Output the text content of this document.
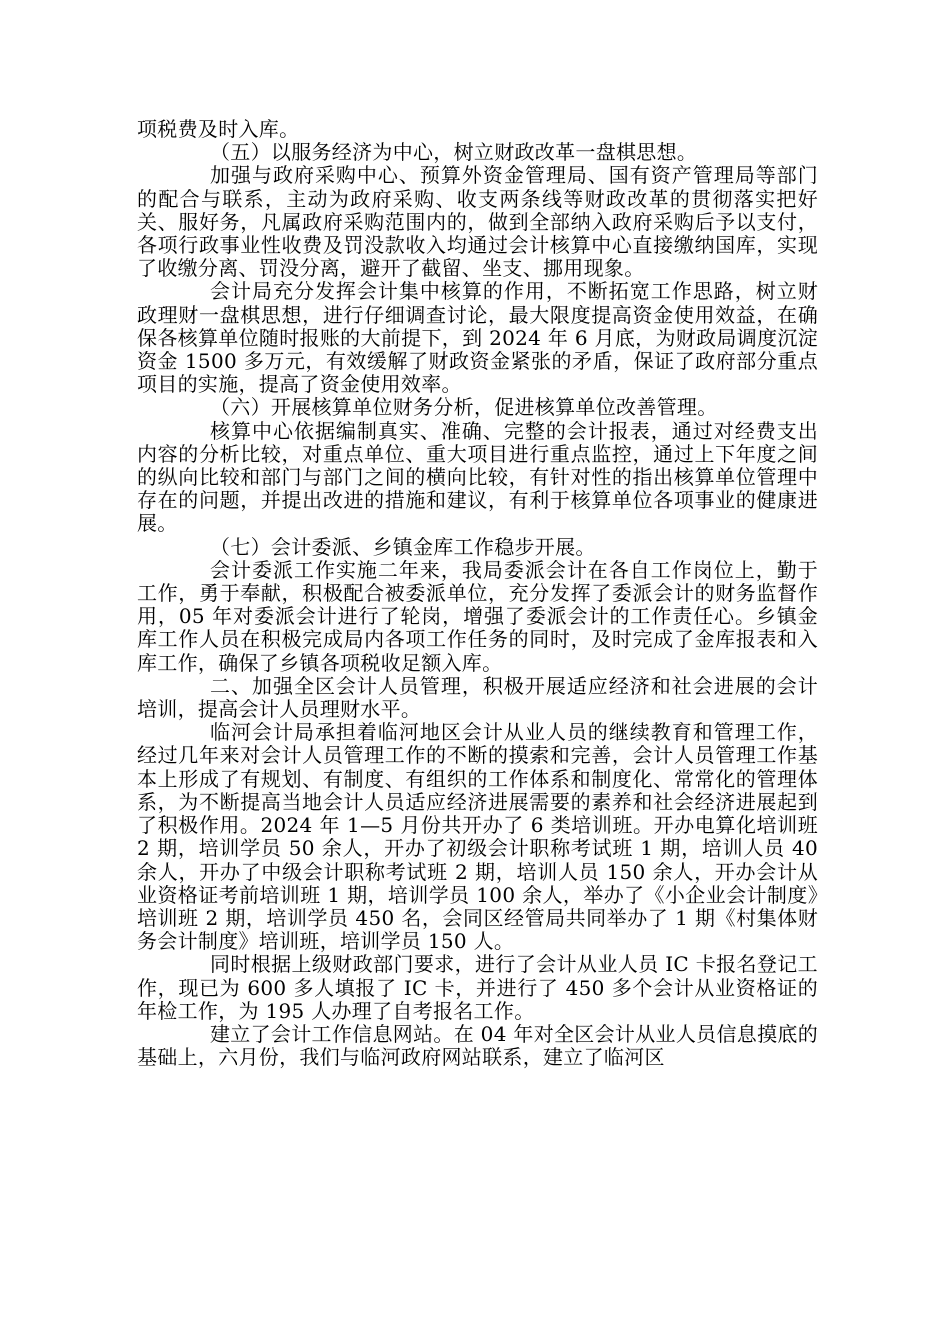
项税费及时入库。

（五）以服务经济为中心，树立财政改革一盘棋思想。

加强与政府采购中心、预算外资金管理局、国有资产管理局等部门的配合与联系，主动为政府采购、收支两条线等财政改革的贯彻落实把好关、服好务，凡属政府采购范围内的，做到全部纳入政府采购后予以支付，各项行政事业性收费及罚没款收入均通过会计核算中心直接缴纳国库，实现了收缴分离、罚没分离，避开了截留、坐支、挪用现象。

会计局充分发挥会计集中核算的作用，不断拓宽工作思路，树立财政理财一盘棋思想，进行仔细调查讨论，最大限度提高资金使用效益，在确保各核算单位随时报账的大前提下，到 2024 年 6 月底，为财政局调度沉淀资金 1500 多万元，有效缓解了财政资金紧张的矛盾，保证了政府部分重点项目的实施，提高了资金使用效率。

（六）开展核算单位财务分析，促进核算单位改善管理。

核算中心依据编制真实、准确、完整的会计报表，通过对经费支出内容的分析比较，对重点单位、重大项目进行重点监控，通过上下年度之间的纵向比较和部门与部门之间的横向比较，有针对性的指出核算单位管理中存在的问题，并提出改进的措施和建议，有利于核算单位各项事业的健康进展。

（七）会计委派、乡镇金库工作稳步开展。

会计委派工作实施二年来，我局委派会计在各自工作岗位上，勤于工作，勇于奉献，积极配合被委派单位，充分发挥了委派会计的财务监督作用，05 年对委派会计进行了轮岗，增强了委派会计的工作责任心。乡镇金库工作人员在积极完成局内各项工作任务的同时，及时完成了金库报表和入库工作，确保了乡镇各项税收足额入库。

二、加强全区会计人员管理，积极开展适应经济和社会进展的会计培训，提高会计人员理财水平。

临河会计局承担着临河地区会计从业人员的继续教育和管理工作，经过几年来对会计人员管理工作的不断的摸索和完善，会计人员管理工作基本上形成了有规划、有制度、有组织的工作体系和制度化、常常化的管理体系，为不断提高当地会计人员适应经济进展需要的素养和社会经济进展起到了积极作用。2024 年 1—5 月份共开办了 6 类培训班。开办电算化培训班 2 期，培训学员 50 余人，开办了初级会计职称考试班 1 期，培训人员 40 余人，开办了中级会计职称考试班 2 期，培训人员 150 余人，开办会计从业资格证考前培训班 1 期，培训学员 100 余人，举办了《小企业会计制度》培训班 2 期，培训学员 450 名，会同区经管局共同举办了 1 期《村集体财务会计制度》培训班，培训学员 150 人。

同时根据上级财政部门要求，进行了会计从业人员 IC 卡报名登记工作，现已为 600 多人填报了 IC 卡，并进行了 450 多个会计从业资格证的年检工作，为 195 人办理了自考报名工作。

建立了会计工作信息网站。在 04 年对全区会计从业人员信息摸底的基础上，六月份，我们与临河政府网站联系，建立了临河区
